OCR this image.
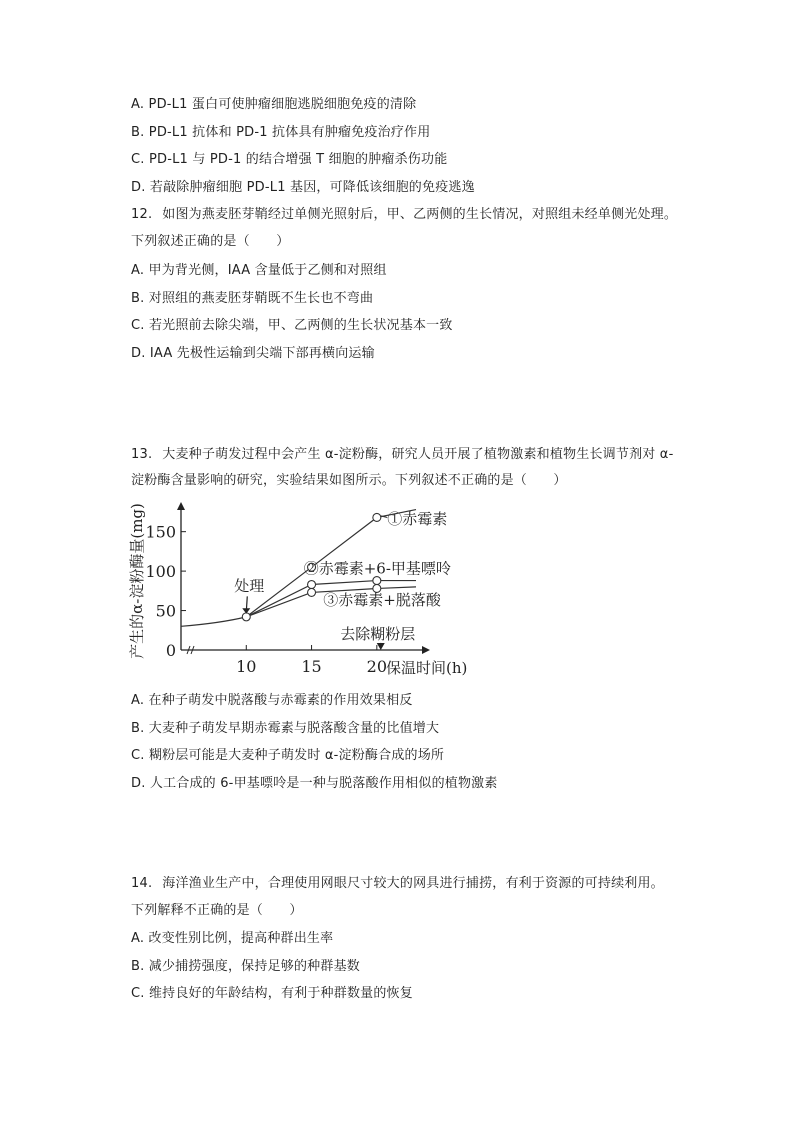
A. PD-L1 蛋白可使肿瘤细胞逃脱细胞免疫的清除
B. PD-L1 抗体和 PD-1 抗体具有肿瘤免疫治疗作用
C. PD-L1 与 PD-1 的结合增强 T 细胞的肿瘤杀伤功能
D. 若敲除肿瘤细胞 PD-L1 基因，可降低该细胞的免疫逃逸
12. 如图为燕麦胚芽鞘经过单侧光照射后，甲、乙两侧的生长情况，对照组未经单侧光处理。
下列叙述正确的是（　　）
A. 甲为背光侧，IAA 含量低于乙侧和对照组
B. 对照组的燕麦胚芽鞘既不生长也不弯曲
C. 若光照前去除尖端，甲、乙两侧的生长状况基本一致
D. IAA 先极性运输到尖端下部再横向运输
13. 大麦种子萌发过程中会产生 α-淀粉酶，研究人员开展了植物激素和植物生长调节剂对 α-
淀粉酶含量影响的研究，实验结果如图所示。下列叙述不正确的是（　　）
0
50
100
150
10	15	20
①赤霉素
②赤霉素+6-甲基嘌呤
③赤霉素+脱落酸
处理
去除糊粉层
保温时间(h)
产生的α-淀粉酶量(mg)
A. 在种子萌发中脱落酸与赤霉素的作用效果相反
B. 大麦种子萌发早期赤霉素与脱落酸含量的比值增大
C. 糊粉层可能是大麦种子萌发时 α-淀粉酶合成的场所
D. 人工合成的 6-甲基嘌呤是一种与脱落酸作用相似的植物激素
14. 海洋渔业生产中，合理使用网眼尺寸较大的网具进行捕捞，有利于资源的可持续利用。
下列解释不正确的是（　　）
A. 改变性别比例，提高种群出生率
B. 减少捕捞强度，保持足够的种群基数
C. 维持良好的年龄结构，有利于种群数量的恢复
